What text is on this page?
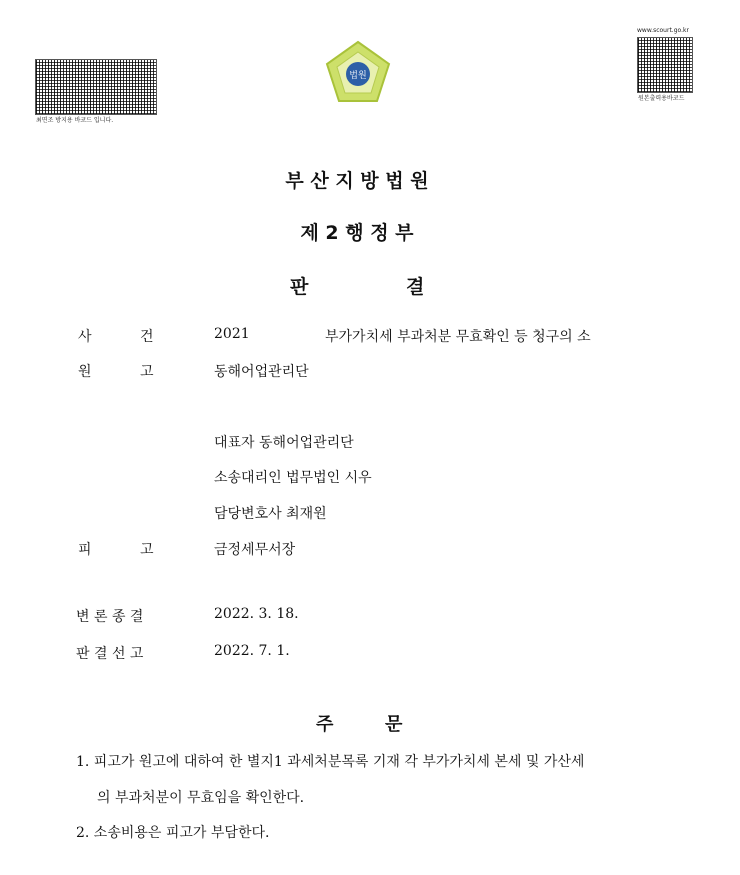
최면조 방지용 바코드 입니다.
법원
www.scourt.go.kr
원본출력용바코드
부 산 지 방 법 원
제 2 행 정 부
판	결
사	건	2021	부가가치세 부과처분 무효확인 등 청구의 소
원	고	동해어업관리단
대표자 동해어업관리단
소송대리인 법무법인 시우
담당변호사 최재원
피	고	금정세무서장
변 론 종 결	2022. 3. 18.
판 결 선 고	2022. 7. 1.
주	문
1. 피고가 원고에 대하여 한 별지1 과세처분목록 기재 각 부가가치세 본세 및 가산세
의 부과처분이 무효임을 확인한다.
2. 소송비용은 피고가 부담한다.
